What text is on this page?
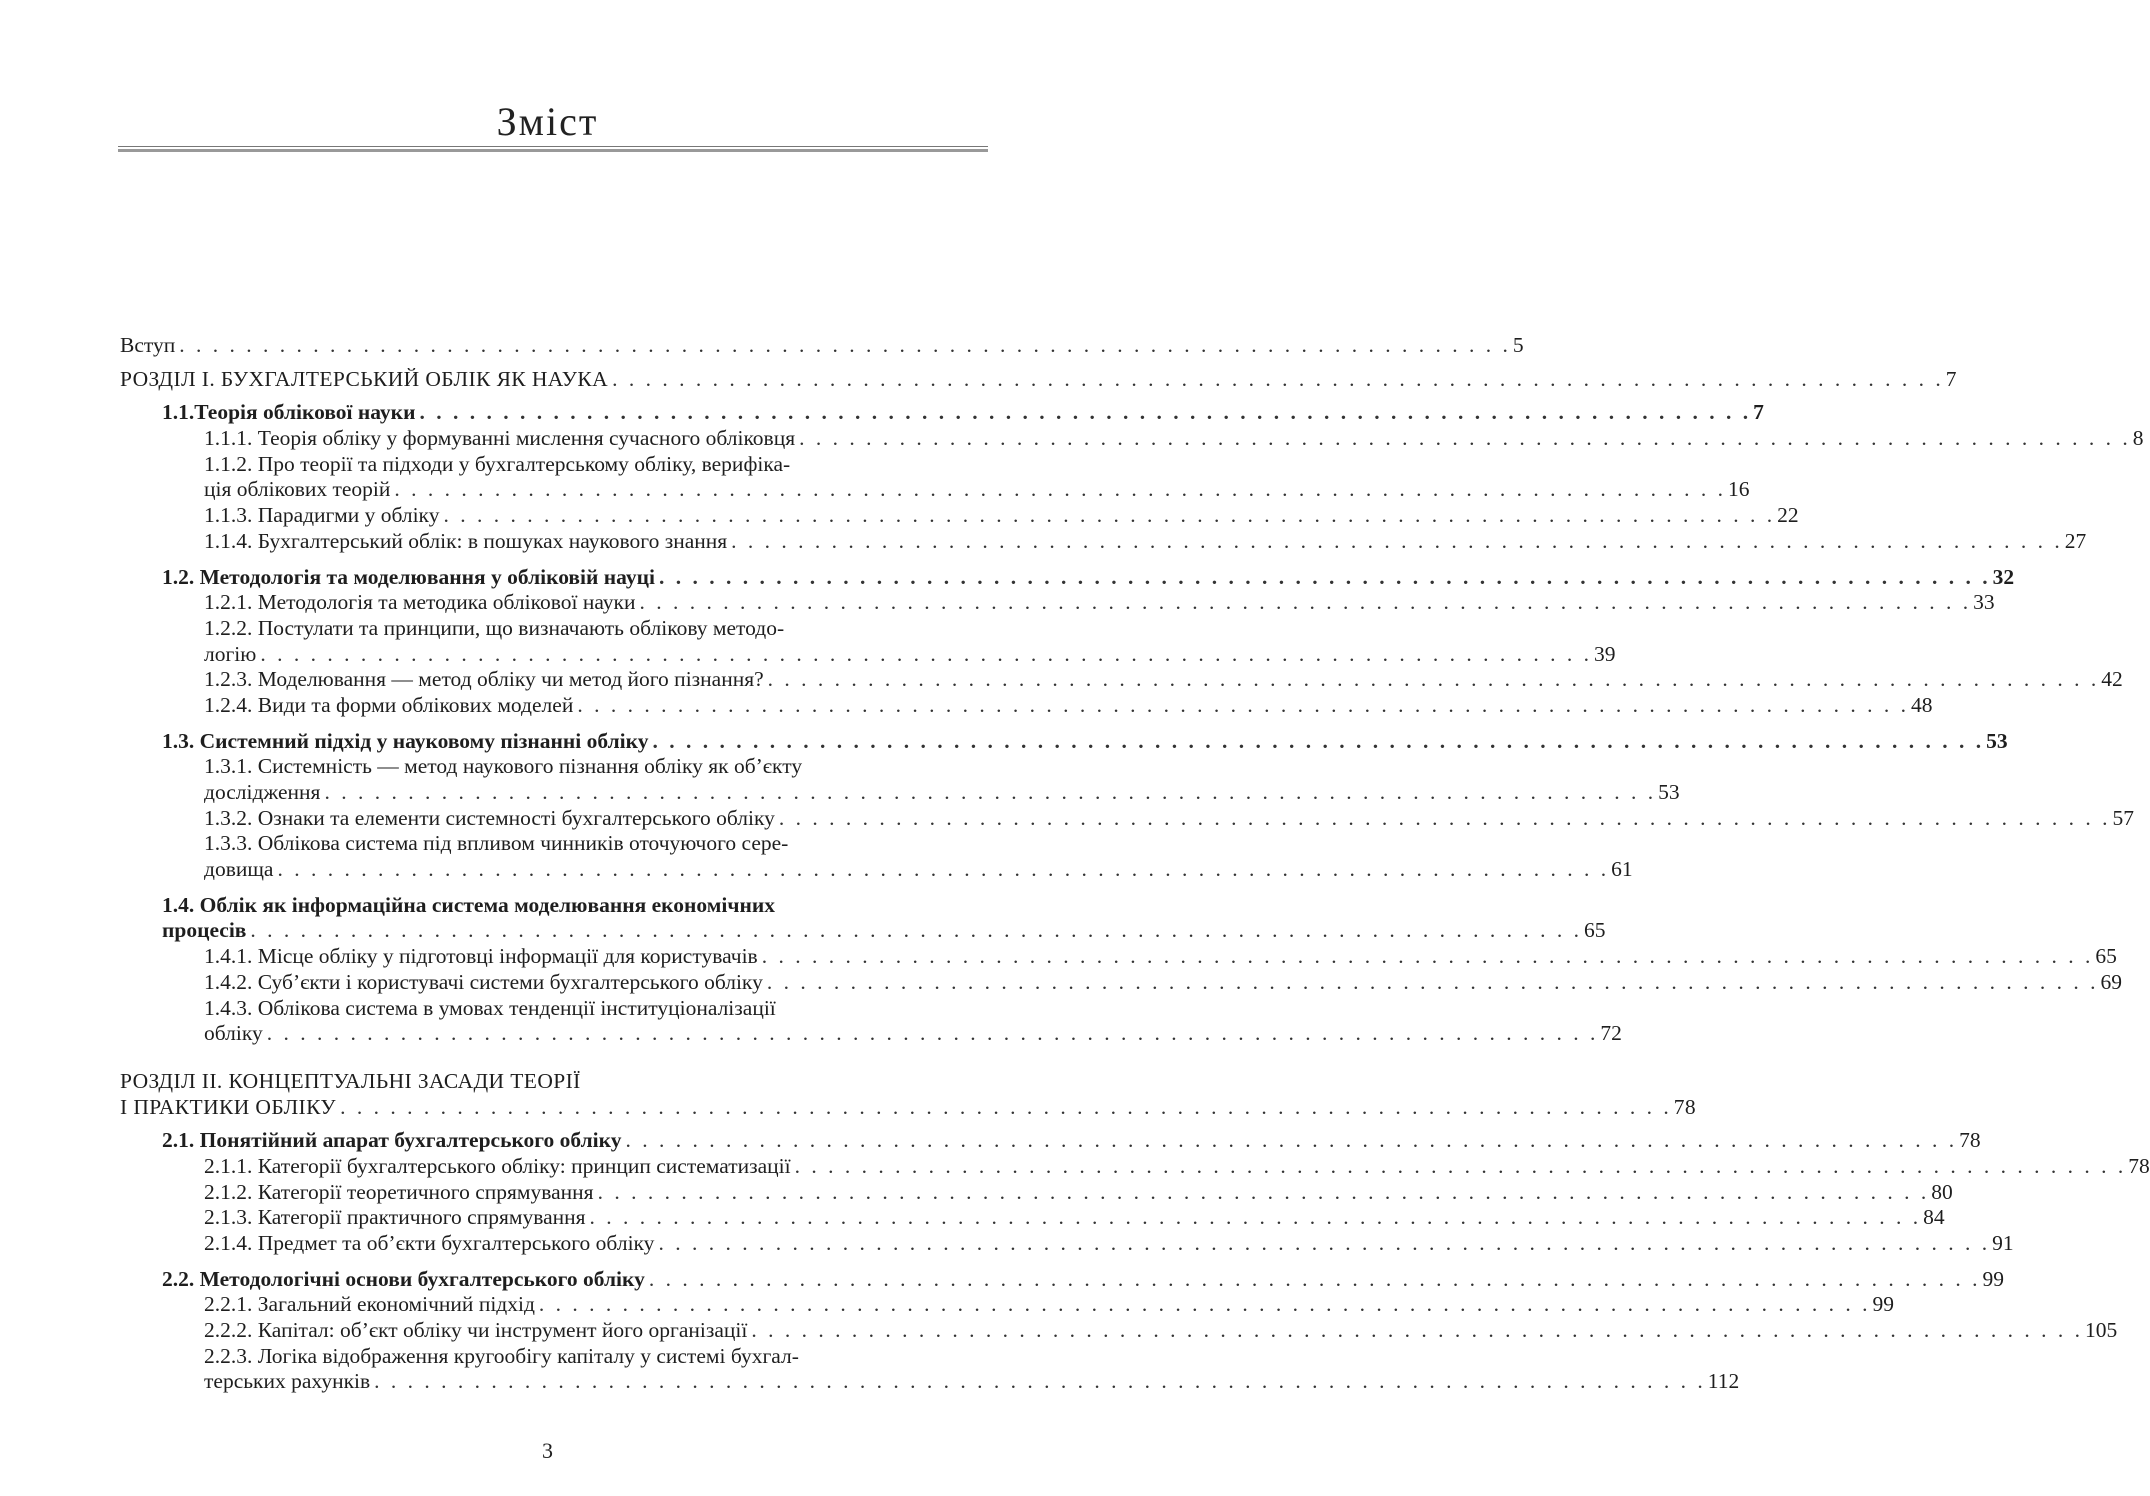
Зміст
Вступ . . . . . . . . . . . . . . . . . . . . . . . . . . . . . . . . . . . . . . . . . . . . . . . . . . . . . . . . . . . . . . . . . . . . . . . . . . . . . . . . 5
РОЗДІЛ І. БУХГАЛТЕРСЬКИЙ ОБЛІК ЯК НАУКА . . . . . . . . . . . . . . . . . . . . . . . . . . . . . . . . . . . . . . . . . . . . . . . . . . . . . . . . . . . . . . . . . . . . . . . . . . . . . . . . 7
1.1.Теорія облікової науки . . . . . . . . . . . . . . . . . . . . . . . . . . . . . . . . . . . . . . . . . . . . . . . . . . . . . . . . . . . . . . . . . . . . . . . . . . . . . . . . 7
1.1.1. Теорія обліку у формуванні мислення сучасного обліковця . . . . . . . . . . . . . . . . . . . . . . . . . . . . . . . . . . . . . . . . . . . . . . . . . . . . . . . . . . . . . . . . . . . . . . . . . . . . . . . . 8
1.1.2. Про теорії та підходи у бухгалтерському обліку, верифіка-
ція облікових теорій . . . . . . . . . . . . . . . . . . . . . . . . . . . . . . . . . . . . . . . . . . . . . . . . . . . . . . . . . . . . . . . . . . . . . . . . . . . . . . . . 16
1.1.3. Парадигми у обліку . . . . . . . . . . . . . . . . . . . . . . . . . . . . . . . . . . . . . . . . . . . . . . . . . . . . . . . . . . . . . . . . . . . . . . . . . . . . . . . . 22
1.1.4. Бухгалтерський облік: в пошуках наукового знання . . . . . . . . . . . . . . . . . . . . . . . . . . . . . . . . . . . . . . . . . . . . . . . . . . . . . . . . . . . . . . . . . . . . . . . . . . . . . . . . 27
1.2. Методологія та моделювання у обліковій науці . . . . . . . . . . . . . . . . . . . . . . . . . . . . . . . . . . . . . . . . . . . . . . . . . . . . . . . . . . . . . . . . . . . . . . . . . . . . . . . . 32
1.2.1. Методологія та методика облікової науки . . . . . . . . . . . . . . . . . . . . . . . . . . . . . . . . . . . . . . . . . . . . . . . . . . . . . . . . . . . . . . . . . . . . . . . . . . . . . . . . 33
1.2.2. Постулати та принципи, що визначають облікову методо-
логію . . . . . . . . . . . . . . . . . . . . . . . . . . . . . . . . . . . . . . . . . . . . . . . . . . . . . . . . . . . . . . . . . . . . . . . . . . . . . . . . 39
1.2.3. Моделювання — метод обліку чи метод його пізнання? . . . . . . . . . . . . . . . . . . . . . . . . . . . . . . . . . . . . . . . . . . . . . . . . . . . . . . . . . . . . . . . . . . . . . . . . . . . . . . . . 42
1.2.4. Види та форми облікових моделей . . . . . . . . . . . . . . . . . . . . . . . . . . . . . . . . . . . . . . . . . . . . . . . . . . . . . . . . . . . . . . . . . . . . . . . . . . . . . . . . 48
1.3. Системний підхід у науковому пізнанні обліку . . . . . . . . . . . . . . . . . . . . . . . . . . . . . . . . . . . . . . . . . . . . . . . . . . . . . . . . . . . . . . . . . . . . . . . . . . . . . . . . 53
1.3.1. Системність — метод наукового пізнання обліку як об’єкту
дослідження . . . . . . . . . . . . . . . . . . . . . . . . . . . . . . . . . . . . . . . . . . . . . . . . . . . . . . . . . . . . . . . . . . . . . . . . . . . . . . . . 53
1.3.2. Ознаки та елементи системності бухгалтерського обліку . . . . . . . . . . . . . . . . . . . . . . . . . . . . . . . . . . . . . . . . . . . . . . . . . . . . . . . . . . . . . . . . . . . . . . . . . . . . . . . . 57
1.3.3. Облікова система під впливом чинників оточуючого сере-
довища . . . . . . . . . . . . . . . . . . . . . . . . . . . . . . . . . . . . . . . . . . . . . . . . . . . . . . . . . . . . . . . . . . . . . . . . . . . . . . . . 61
1.4. Облік як інформаційна система моделювання економічних
процесів . . . . . . . . . . . . . . . . . . . . . . . . . . . . . . . . . . . . . . . . . . . . . . . . . . . . . . . . . . . . . . . . . . . . . . . . . . . . . . . . 65
1.4.1. Місце обліку у підготовці інформації для користувачів . . . . . . . . . . . . . . . . . . . . . . . . . . . . . . . . . . . . . . . . . . . . . . . . . . . . . . . . . . . . . . . . . . . . . . . . . . . . . . . . 65
1.4.2. Суб’єкти і користувачі системи бухгалтерського обліку . . . . . . . . . . . . . . . . . . . . . . . . . . . . . . . . . . . . . . . . . . . . . . . . . . . . . . . . . . . . . . . . . . . . . . . . . . . . . . . . 69
1.4.3. Облікова система в умовах тенденції інституціоналізації
обліку . . . . . . . . . . . . . . . . . . . . . . . . . . . . . . . . . . . . . . . . . . . . . . . . . . . . . . . . . . . . . . . . . . . . . . . . . . . . . . . . 72
РОЗДІЛ ІІ. КОНЦЕПТУАЛЬНІ ЗАСАДИ ТЕОРІЇ
І ПРАКТИКИ ОБЛІКУ . . . . . . . . . . . . . . . . . . . . . . . . . . . . . . . . . . . . . . . . . . . . . . . . . . . . . . . . . . . . . . . . . . . . . . . . . . . . . . . . 78
2.1. Понятійний апарат бухгалтерського обліку . . . . . . . . . . . . . . . . . . . . . . . . . . . . . . . . . . . . . . . . . . . . . . . . . . . . . . . . . . . . . . . . . . . . . . . . . . . . . . . . 78
2.1.1. Категорії бухгалтерського обліку: принцип систематизації . . . . . . . . . . . . . . . . . . . . . . . . . . . . . . . . . . . . . . . . . . . . . . . . . . . . . . . . . . . . . . . . . . . . . . . . . . . . . . . . 78
2.1.2. Категорії теоретичного спрямування . . . . . . . . . . . . . . . . . . . . . . . . . . . . . . . . . . . . . . . . . . . . . . . . . . . . . . . . . . . . . . . . . . . . . . . . . . . . . . . . 80
2.1.3. Категорії практичного спрямування . . . . . . . . . . . . . . . . . . . . . . . . . . . . . . . . . . . . . . . . . . . . . . . . . . . . . . . . . . . . . . . . . . . . . . . . . . . . . . . . 84
2.1.4. Предмет та об’єкти бухгалтерського обліку . . . . . . . . . . . . . . . . . . . . . . . . . . . . . . . . . . . . . . . . . . . . . . . . . . . . . . . . . . . . . . . . . . . . . . . . . . . . . . . . 91
2.2. Методологічні основи бухгалтерського обліку . . . . . . . . . . . . . . . . . . . . . . . . . . . . . . . . . . . . . . . . . . . . . . . . . . . . . . . . . . . . . . . . . . . . . . . . . . . . . . . . 99
2.2.1. Загальний економічний підхід . . . . . . . . . . . . . . . . . . . . . . . . . . . . . . . . . . . . . . . . . . . . . . . . . . . . . . . . . . . . . . . . . . . . . . . . . . . . . . . . 99
2.2.2. Капітал: об’єкт обліку чи інструмент його організації . . . . . . . . . . . . . . . . . . . . . . . . . . . . . . . . . . . . . . . . . . . . . . . . . . . . . . . . . . . . . . . . . . . . . . . . . . . . . . . . 105
2.2.3. Логіка відображення кругообігу капіталу у системі бухгал-
терських рахунків . . . . . . . . . . . . . . . . . . . . . . . . . . . . . . . . . . . . . . . . . . . . . . . . . . . . . . . . . . . . . . . . . . . . . . . . . . . . . . . . 112
3
